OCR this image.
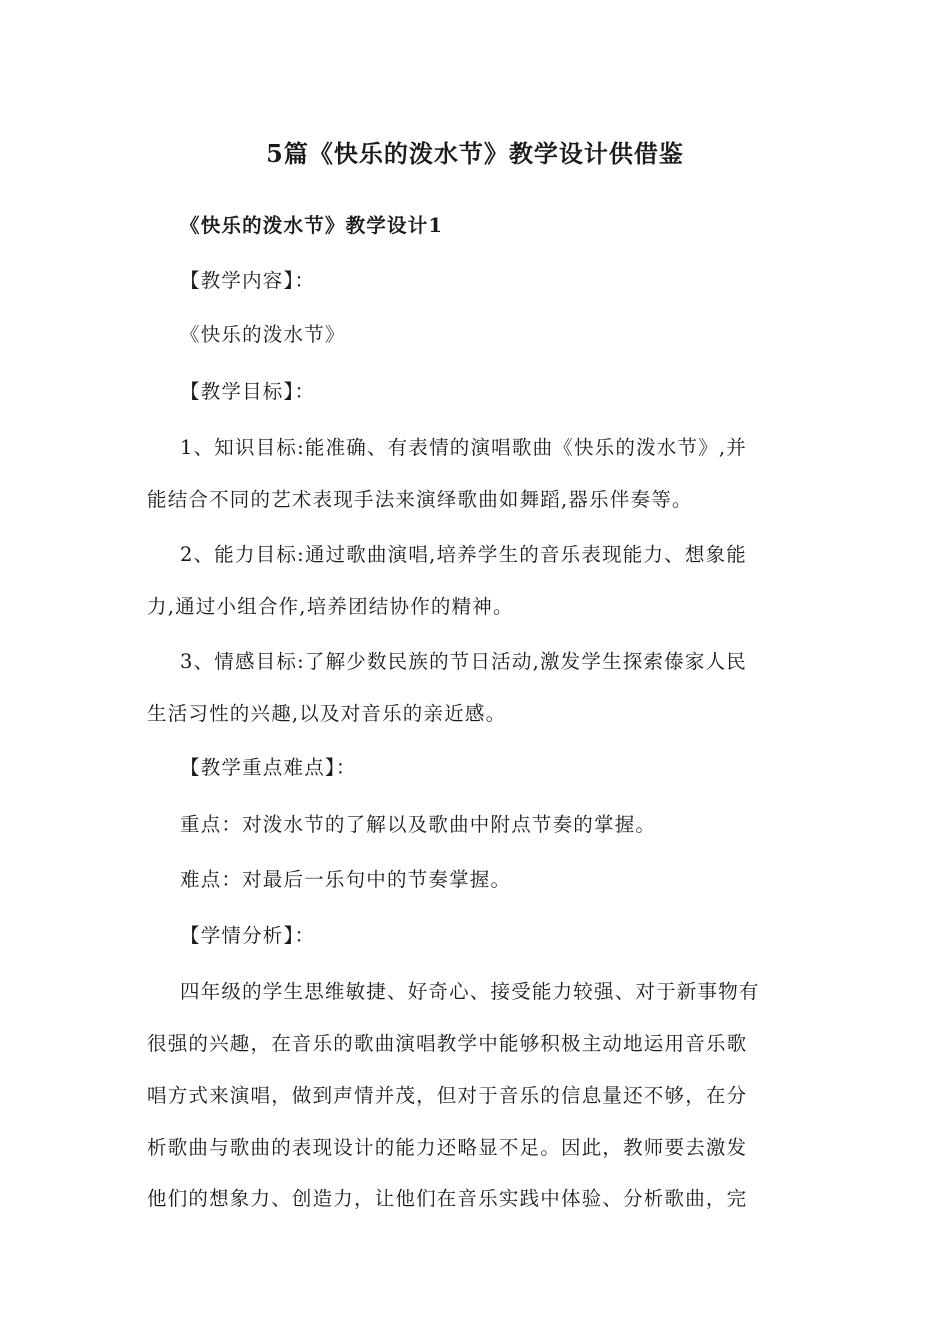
5篇《快乐的泼水节》教学设计供借鉴
《快乐的泼水节》教学设计1
【教学内容】：
《快乐的泼水节》
【教学目标】：
1、知识目标:能准确、有表情的演唱歌曲《快乐的泼水节》,并
能结合不同的艺术表现手法来演绎歌曲如舞蹈,器乐伴奏等。
2、能力目标:通过歌曲演唱,培养学生的音乐表现能力、想象能
力,通过小组合作,培养团结协作的精神。
3、情感目标:了解少数民族的节日活动,激发学生探索傣家人民
生活习性的兴趣,以及对音乐的亲近感。
【教学重点难点】：
重点：对泼水节的了解以及歌曲中附点节奏的掌握。
难点：对最后一乐句中的节奏掌握。
【学情分析】：
四年级的学生思维敏捷、好奇心、接受能力较强、对于新事物有
很强的兴趣，在音乐的歌曲演唱教学中能够积极主动地运用音乐歌
唱方式来演唱，做到声情并茂，但对于音乐的信息量还不够，在分
析歌曲与歌曲的表现设计的能力还略显不足。因此，教师要去激发
他们的想象力、创造力，让他们在音乐实践中体验、分析歌曲，完
